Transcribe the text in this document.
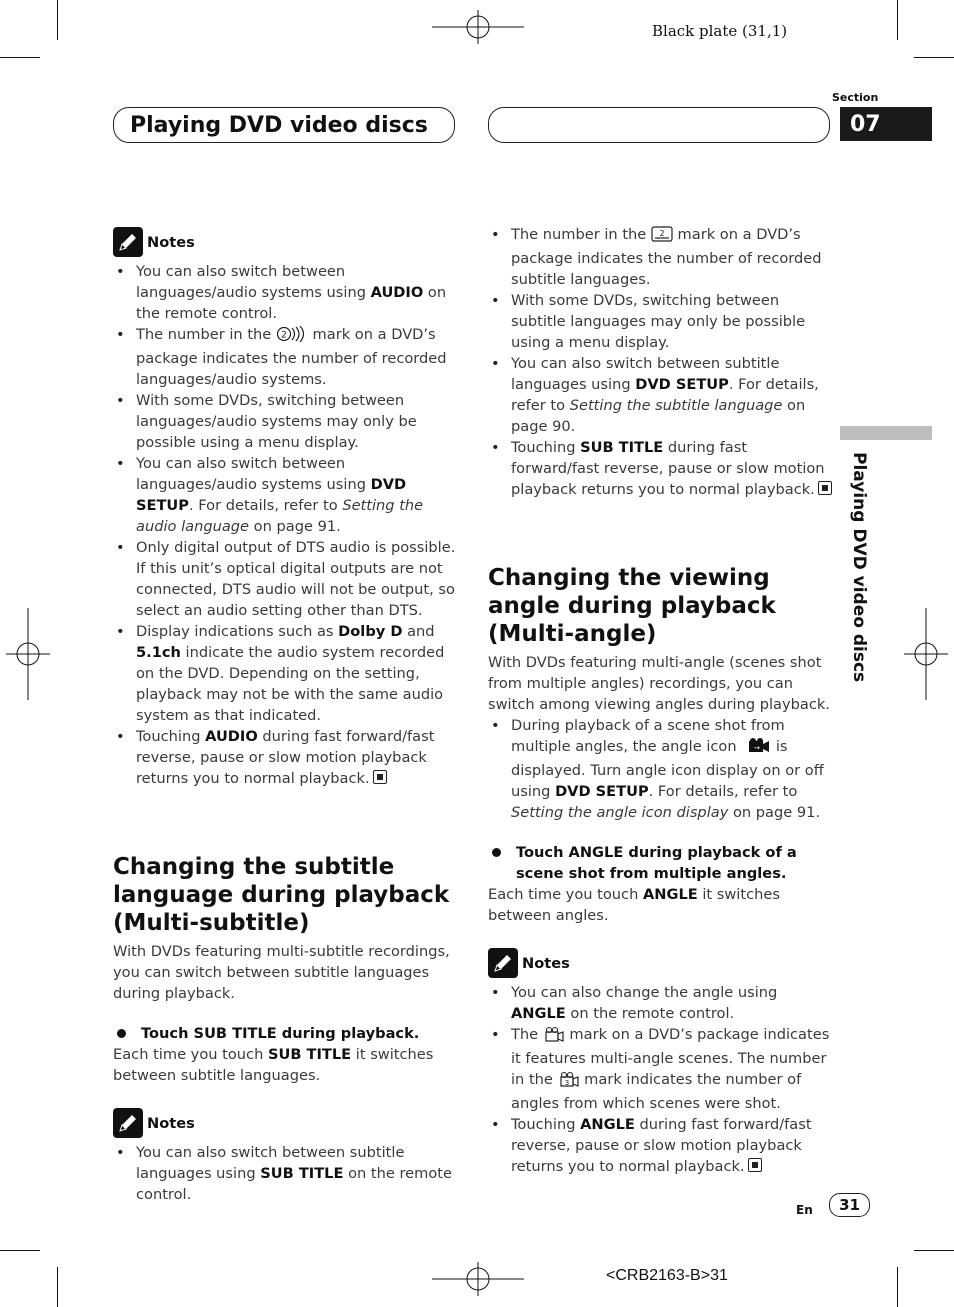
Black plate (31,1)
Section
07
Playing DVD video discs
Playing DVD video discs
Notes
• You can also switch between languages/audio systems using AUDIO on the remote control.
• The number in the 2 mark on a DVD’s package indicates the number of recorded languages/audio systems.
• With some DVDs, switching between languages/audio systems may only be possible using a menu display.
• You can also switch between languages/audio systems using DVD SETUP. For details, refer to Setting the audio language on page 91.
• Only digital output of DTS audio is possible. If this unit’s optical digital outputs are not connected, DTS audio will not be output, so select an audio setting other than DTS.
• Display indications such as Dolby D and 5.1ch indicate the audio system recorded on the DVD. Depending on the setting, playback may not be with the same audio system as that indicated.
• Touching AUDIO during fast forward/fast reverse, pause or slow motion playback returns you to normal playback.
Changing the subtitle language during playback (Multi-subtitle)
With DVDs featuring multi-subtitle recordings, you can switch between subtitle languages during playback.
Touch SUB TITLE during playback.
Each time you touch SUB TITLE it switches between subtitle languages.
Notes
• You can also switch between subtitle languages using SUB TITLE on the remote control.
• The number in the 2 mark on a DVD’s package indicates the number of recorded subtitle languages.
• With some DVDs, switching between subtitle languages may only be possible using a menu display.
• You can also switch between subtitle languages using DVD SETUP. For details, refer to Setting the subtitle language on page 90.
• Touching SUB TITLE during fast forward/fast reverse, pause or slow motion playback returns you to normal playback.
Changing the viewing angle during playback (Multi-angle)
With DVDs featuring multi-angle (scenes shot from multiple angles) recordings, you can switch among viewing angles during playback.
• During playback of a scene shot from multiple angles, the angle icon → is displayed. Turn angle icon display on or off using DVD SETUP. For details, refer to Setting the angle icon display on page 91.
Touch ANGLE during playback of a scene shot from multiple angles.
Each time you touch ANGLE it switches between angles.
Notes
• You can also change the angle using ANGLE on the remote control.
• The  mark on a DVD’s package indicates it features multi-angle scenes. The number in the 3 mark indicates the number of angles from which scenes were shot.
• Touching ANGLE during fast forward/fast reverse, pause or slow motion playback returns you to normal playback.
En	31
<CRB2163-B>31
